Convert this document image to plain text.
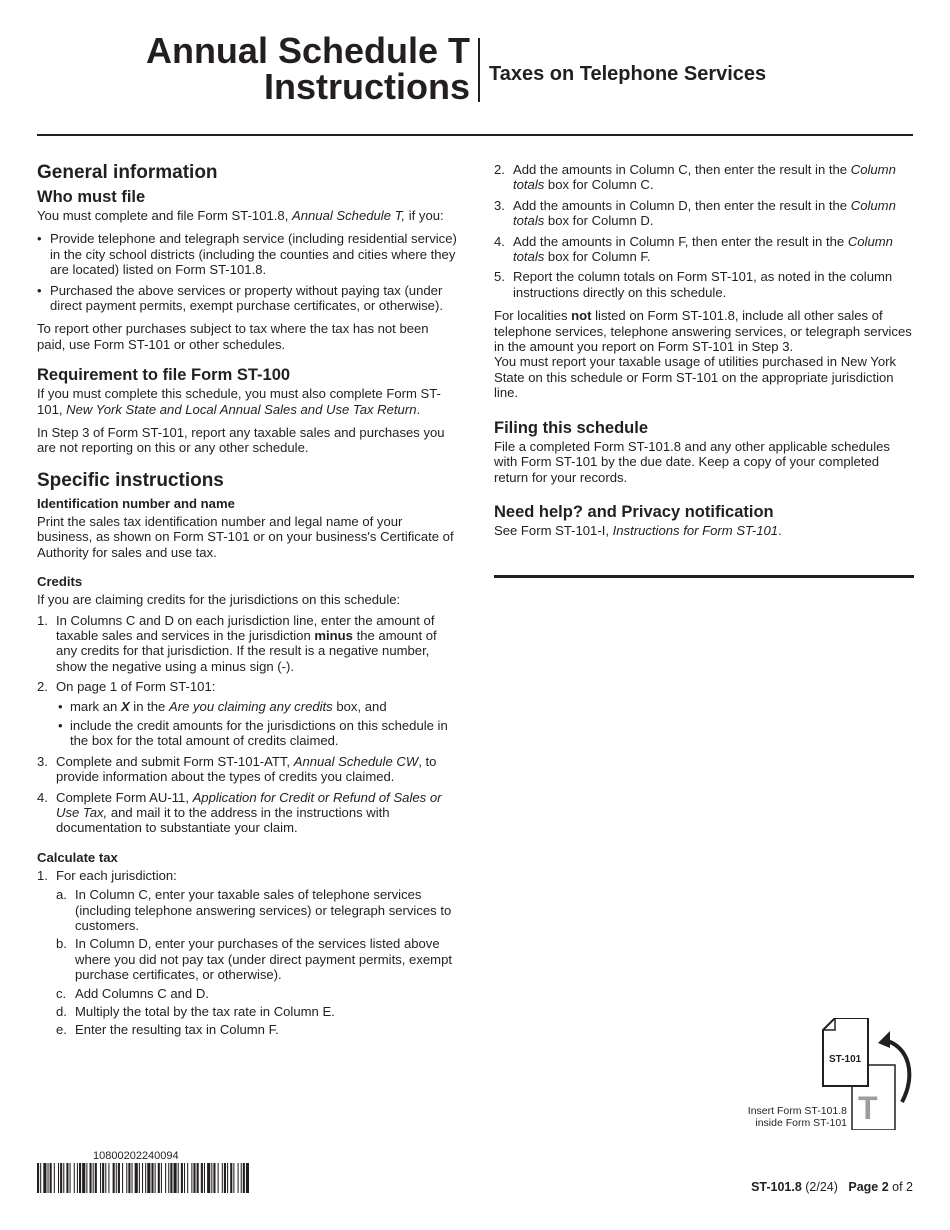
Annual Schedule T
Instructions Taxes on Telephone Services
General information
Who must file

You must complete and file Form ST-101.8, Annual Schedule T, if you:

• Provide telephone and telegraph service (including residential service) in the city school districts (including the counties and cities where they are located) listed on Form ST-101.8.
• Purchased the above services or property without paying tax (under direct payment permits, exempt purchase certificates, or otherwise).

To report other purchases subject to tax where the tax has not been paid, use Form ST-101 or other schedules.

Requirement to file Form ST-100

If you must complete this schedule, you must also complete Form ST-101, New York State and Local Annual Sales and Use Tax Return.

In Step 3 of Form ST-101, report any taxable sales and purchases you are not reporting on this or any other schedule.

Specific instructions
Identification number and name

Print the sales tax identification number and legal name of your business, as shown on Form ST-101 or on your business's Certificate of Authority for sales and use tax.

Credits

If you are claiming credits for the jurisdictions on this schedule:

1. In Columns C and D on each jurisdiction line, enter the amount of taxable sales and services in the jurisdiction minus the amount of any credits for that jurisdiction. If the result is a negative number, show the negative using a minus sign (-).
2. On page 1 of Form ST-101:
• mark an X in the Are you claiming any credits box, and
• include the credit amounts for the jurisdictions on this schedule in the box for the total amount of credits claimed.
3. Complete and submit Form ST-101-ATT, Annual Schedule CW, to provide information about the types of credits you claimed.
4. Complete Form AU-11, Application for Credit or Refund of Sales or Use Tax, and mail it to the address in the instructions with documentation to substantiate your claim.
Calculate tax
1. For each jurisdiction:
a. In Column C, enter your taxable sales of telephone services (including telephone answering services) or telegraph services to customers.
b. In Column D, enter your purchases of the services listed above where you did not pay tax (under direct payment permits, exempt purchase certificates, or otherwise).
c. Add Columns C and D.
d. Multiply the total by the tax rate in Column E.
e. Enter the resulting tax in Column F.
2. Add the amounts in Column C, then enter the result in the Column totals box for Column C.
3. Add the amounts in Column D, then enter the result in the Column totals box for Column D.
4. Add the amounts in Column F, then enter the result in the Column totals box for Column F.
5. Report the column totals on Form ST-101, as noted in the column instructions directly on this schedule.

For localities not listed on Form ST-101.8, include all other sales of telephone services, telephone answering services, or telegraph services in the amount you report on Form ST-101 in Step 3.

You must report your taxable usage of utilities purchased in New York State on this schedule or Form ST-101 on the appropriate jurisdiction line.

Filing this schedule

File a completed Form ST-101.8 and any other applicable schedules with Form ST-101 by the due date. Keep a copy of your completed return for your records.

Need help? and Privacy notification

See Form ST-101-I, Instructions for Form ST-101.

ST-101
T
Insert Form ST-101.8
inside Form ST-101
10800202240094
ST-101.8 (2/24) Page 2 of 2
